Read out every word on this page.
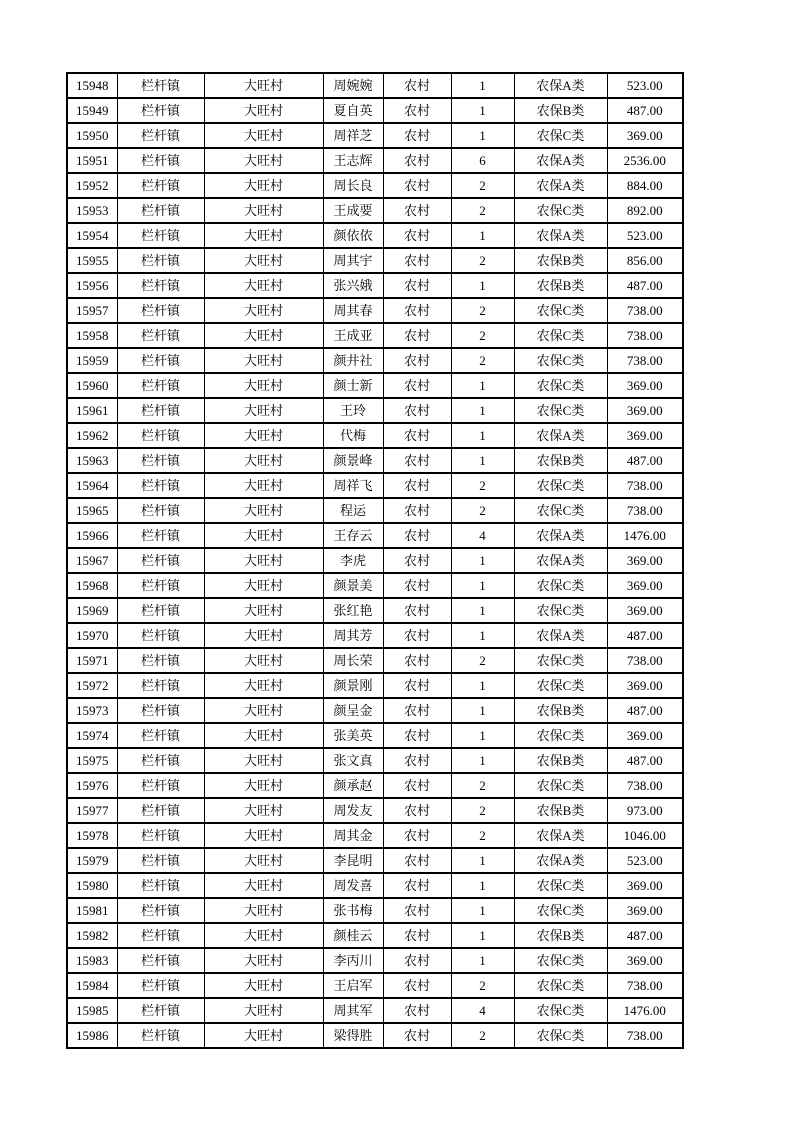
15948	栏杆镇	大旺村	周婉婉	农村	1	农保A类	523.00
15949	栏杆镇	大旺村	夏自英	农村	1	农保B类	487.00
15950	栏杆镇	大旺村	周祥芝	农村	1	农保C类	369.00
15951	栏杆镇	大旺村	王志辉	农村	6	农保A类	2536.00
15952	栏杆镇	大旺村	周长良	农村	2	农保A类	884.00
15953	栏杆镇	大旺村	王成要	农村	2	农保C类	892.00
15954	栏杆镇	大旺村	颜依依	农村	1	农保A类	523.00
15955	栏杆镇	大旺村	周其宇	农村	2	农保B类	856.00
15956	栏杆镇	大旺村	张兴娥	农村	1	农保B类	487.00
15957	栏杆镇	大旺村	周其春	农村	2	农保C类	738.00
15958	栏杆镇	大旺村	王成亚	农村	2	农保C类	738.00
15959	栏杆镇	大旺村	颜井社	农村	2	农保C类	738.00
15960	栏杆镇	大旺村	颜士新	农村	1	农保C类	369.00
15961	栏杆镇	大旺村	王玲	农村	1	农保C类	369.00
15962	栏杆镇	大旺村	代梅	农村	1	农保A类	369.00
15963	栏杆镇	大旺村	颜景峰	农村	1	农保B类	487.00
15964	栏杆镇	大旺村	周祥飞	农村	2	农保C类	738.00
15965	栏杆镇	大旺村	程运	农村	2	农保C类	738.00
15966	栏杆镇	大旺村	王存云	农村	4	农保A类	1476.00
15967	栏杆镇	大旺村	李虎	农村	1	农保A类	369.00
15968	栏杆镇	大旺村	颜景美	农村	1	农保C类	369.00
15969	栏杆镇	大旺村	张红艳	农村	1	农保C类	369.00
15970	栏杆镇	大旺村	周其芳	农村	1	农保A类	487.00
15971	栏杆镇	大旺村	周长荣	农村	2	农保C类	738.00
15972	栏杆镇	大旺村	颜景刚	农村	1	农保C类	369.00
15973	栏杆镇	大旺村	颜呈金	农村	1	农保B类	487.00
15974	栏杆镇	大旺村	张美英	农村	1	农保C类	369.00
15975	栏杆镇	大旺村	张文真	农村	1	农保B类	487.00
15976	栏杆镇	大旺村	颜承赵	农村	2	农保C类	738.00
15977	栏杆镇	大旺村	周发友	农村	2	农保B类	973.00
15978	栏杆镇	大旺村	周其金	农村	2	农保A类	1046.00
15979	栏杆镇	大旺村	李昆明	农村	1	农保A类	523.00
15980	栏杆镇	大旺村	周发喜	农村	1	农保C类	369.00
15981	栏杆镇	大旺村	张书梅	农村	1	农保C类	369.00
15982	栏杆镇	大旺村	颜桂云	农村	1	农保B类	487.00
15983	栏杆镇	大旺村	李丙川	农村	1	农保C类	369.00
15984	栏杆镇	大旺村	王启军	农村	2	农保C类	738.00
15985	栏杆镇	大旺村	周其军	农村	4	农保C类	1476.00
15986	栏杆镇	大旺村	梁得胜	农村	2	农保C类	738.00
